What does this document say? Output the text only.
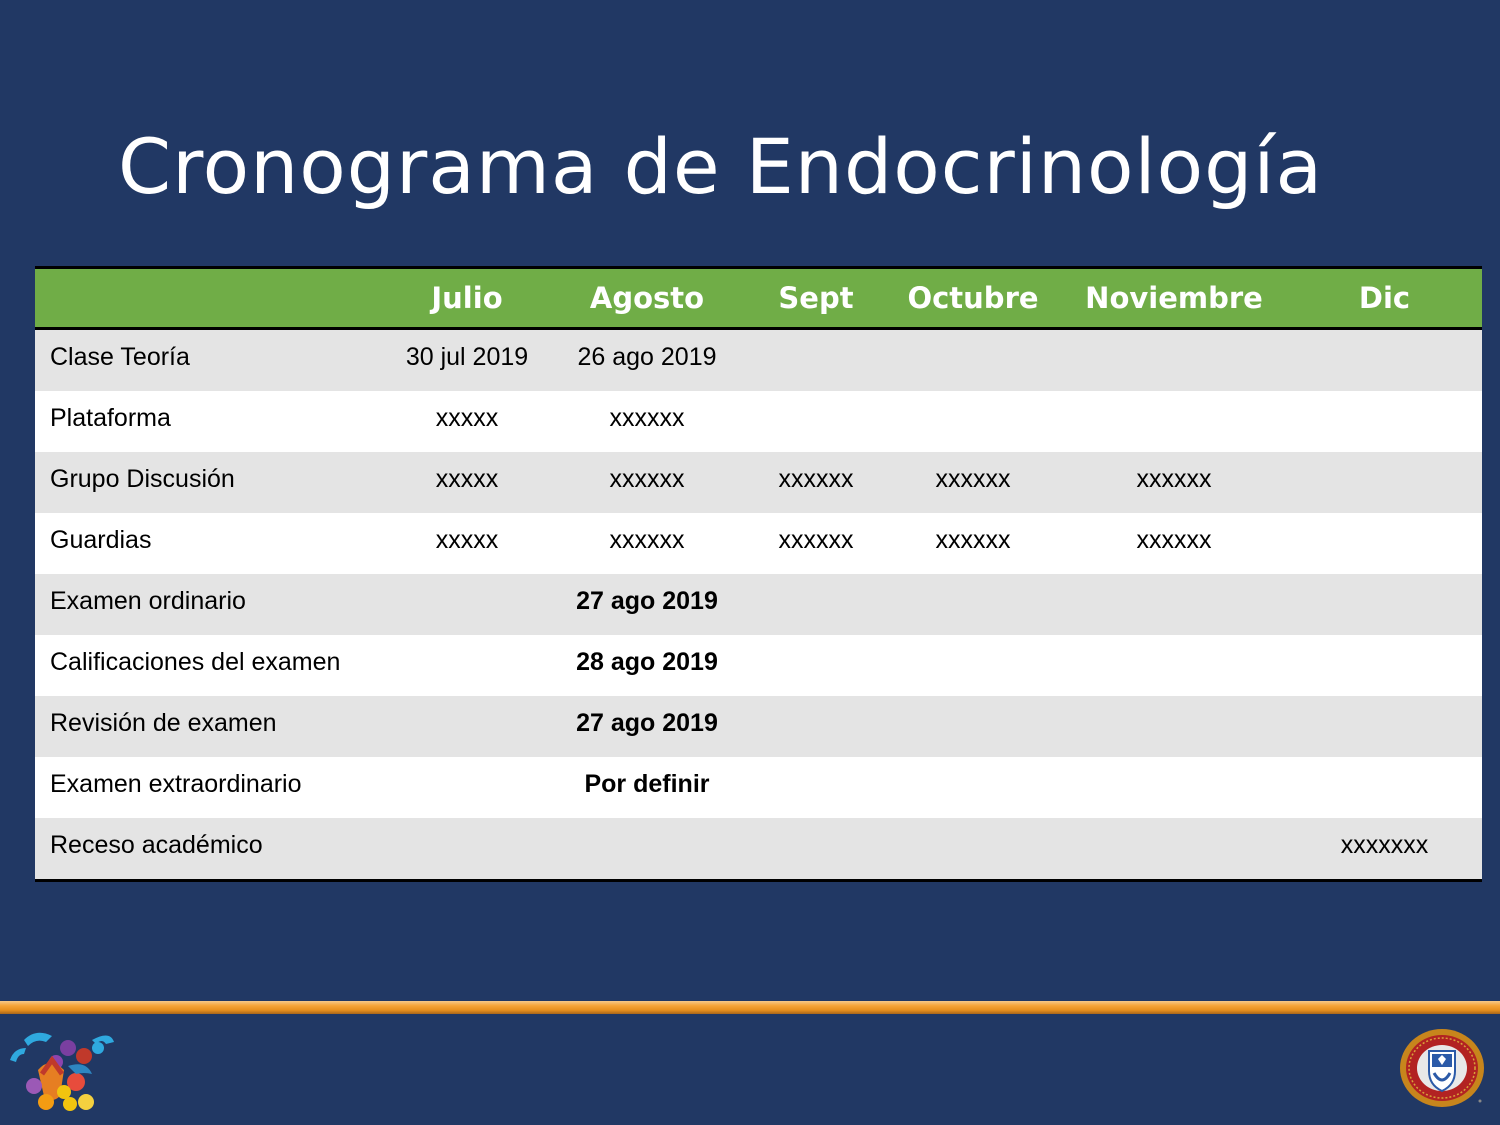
Cronograma de Endocrinología
	Julio	Agosto	Sept	Octubre	Noviembre	Dic
Clase Teoría	30 jul 2019	26 ago 2019				
Plataforma	xxxxx	xxxxxx				
Grupo Discusión	xxxxx	xxxxxx	xxxxxx	xxxxxx	xxxxxx	
Guardias	xxxxx	xxxxxx	xxxxxx	xxxxxx	xxxxxx	
Examen ordinario		27 ago 2019				
Calificaciones del examen		28 ago 2019				
Revisión de examen		27 ago 2019				
Examen extraordinario		Por definir				
Receso académico						xxxxxxx
